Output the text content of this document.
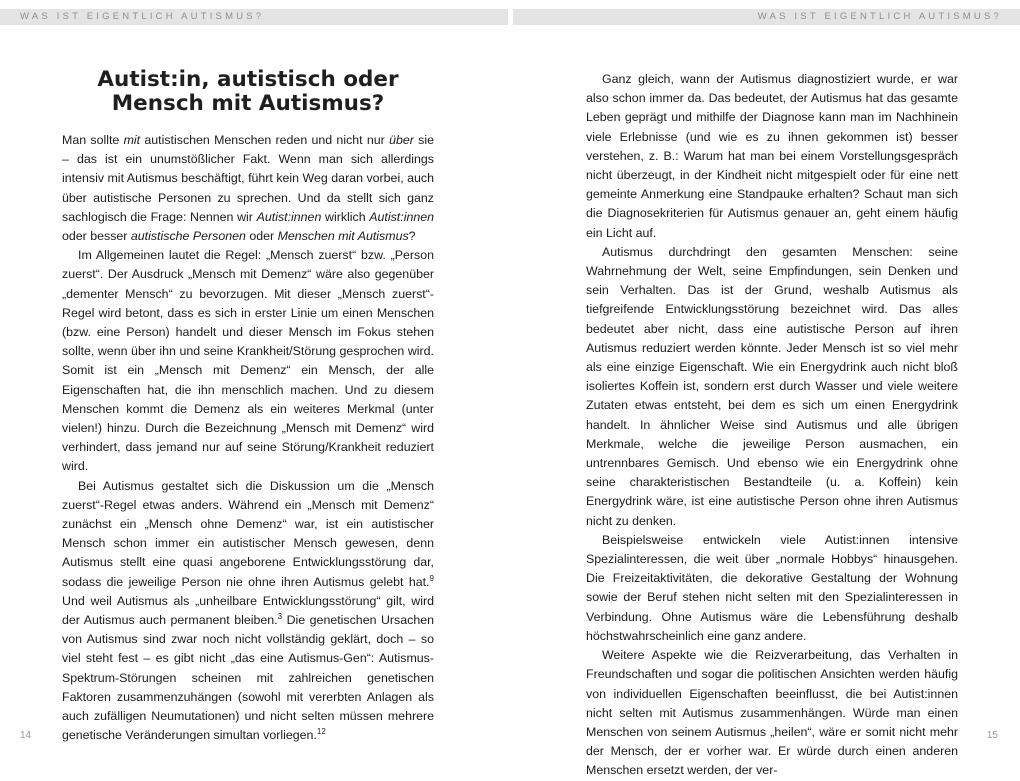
WAS IST EIGENTLICH AUTISMUS?	WAS IST EIGENTLICH AUTISMUS?
Autist:in, autistisch oder
Mensch mit Autismus?

Man sollte mit autistischen Menschen reden und nicht nur über sie – das ist ein unumstößlicher Fakt. Wenn man sich allerdings intensiv mit Autismus beschäftigt, führt kein Weg daran vorbei, auch über autistische Personen zu sprechen. Und da stellt sich ganz sachlogisch die Frage: Nennen wir Autist:innen wirklich Autist:innen oder besser autistische Personen oder Menschen mit Autismus?

Im Allgemeinen lautet die Regel: „Mensch zuerst“ bzw. „Person zuerst“. Der Ausdruck „Mensch mit Demenz“ wäre also gegenüber „dementer Mensch“ zu bevorzugen. Mit dieser „Mensch zuerst“-Regel wird betont, dass es sich in erster Linie um einen Menschen (bzw. eine Person) handelt und dieser Mensch im Fokus stehen sollte, wenn über ihn und seine Krankheit/Störung gesprochen wird. Somit ist ein „Mensch mit Demenz“ ein Mensch, der alle Eigenschaften hat, die ihn menschlich machen. Und zu diesem Menschen kommt die Demenz als ein weiteres Merkmal (unter vielen!) hinzu. Durch die Bezeichnung „Mensch mit Demenz“ wird verhindert, dass jemand nur auf seine Störung/Krankheit reduziert wird.

Bei Autismus gestaltet sich die Diskussion um die „Mensch zuerst“-Regel etwas anders. Während ein „Mensch mit Demenz“ zunächst ein „Mensch ohne Demenz“ war, ist ein autistischer Mensch schon immer ein autistischer Mensch gewesen, denn Autismus stellt eine quasi angeborene Entwicklungsstörung dar, sodass die jeweilige Person nie ohne ihren Autismus gelebt hat.$^9$ Und weil Autismus als „unheilbare Entwicklungsstörung“ gilt, wird der Autismus auch permanent bleiben.$^3$ Die genetischen Ursachen von Autismus sind zwar noch nicht vollständig geklärt, doch – so viel steht fest – es gibt nicht „das eine Autismus-Gen“: Autismus-Spektrum-Störungen scheinen mit zahlreichen genetischen Faktoren zusammenzuhängen (sowohl mit vererbten Anlagen als auch zufälligen Neumutationen) und nicht selten müssen mehrere genetische Veränderungen simultan vorliegen.$^{12}$

Ganz gleich, wann der Autismus diagnostiziert wurde, er war also schon immer da. Das bedeutet, der Autismus hat das gesamte Leben geprägt und mithilfe der Diagnose kann man im Nachhinein viele Erlebnisse (und wie es zu ihnen gekommen ist) besser verstehen, z. B.: Warum hat man bei einem Vorstellungsgespräch nicht überzeugt, in der Kindheit nicht mitgespielt oder für eine nett gemeinte Anmerkung eine Standpauke erhalten? Schaut man sich die Diagnosekriterien für Autismus genauer an, geht einem häufig ein Licht auf.

Autismus durchdringt den gesamten Menschen: seine Wahrnehmung der Welt, seine Empfindungen, sein Denken und sein Verhalten. Das ist der Grund, weshalb Autismus als tiefgreifende Entwicklungsstörung bezeichnet wird. Das alles bedeutet aber nicht, dass eine autistische Person auf ihren Autismus reduziert werden könnte. Jeder Mensch ist so viel mehr als eine einzige Eigenschaft. Wie ein Energydrink auch nicht bloß isoliertes Koffein ist, sondern erst durch Wasser und viele weitere Zutaten etwas entsteht, bei dem es sich um einen Energydrink handelt. In ähnlicher Weise sind Autismus und alle übrigen Merkmale, welche die jeweilige Person ausmachen, ein untrennbares Gemisch. Und ebenso wie ein Energydrink ohne seine charakteristischen Bestandteile (u. a. Koffein) kein Energydrink wäre, ist eine autistische Person ohne ihren Autismus nicht zu denken.

Beispielsweise entwickeln viele Autist:innen intensive Spezialinteressen, die weit über „normale Hobbys“ hinausgehen. Die Freizeitaktivitäten, die dekorative Gestaltung der Wohnung sowie der Beruf stehen nicht selten mit den Spezialinteressen in Verbindung. Ohne Autismus wäre die Lebensführung deshalb höchstwahrscheinlich eine ganz andere.

Weitere Aspekte wie die Reizverarbeitung, das Verhalten in Freundschaften und sogar die politischen Ansichten werden häufig von individuellen Eigenschaften beeinflusst, die bei Autist:innen nicht selten mit Autismus zusammenhängen. Würde man einen Menschen von seinem Autismus „heilen“, wäre er somit nicht mehr der Mensch, der er vorher war. Er würde durch einen anderen Menschen ersetzt werden, der ver-

14	15
